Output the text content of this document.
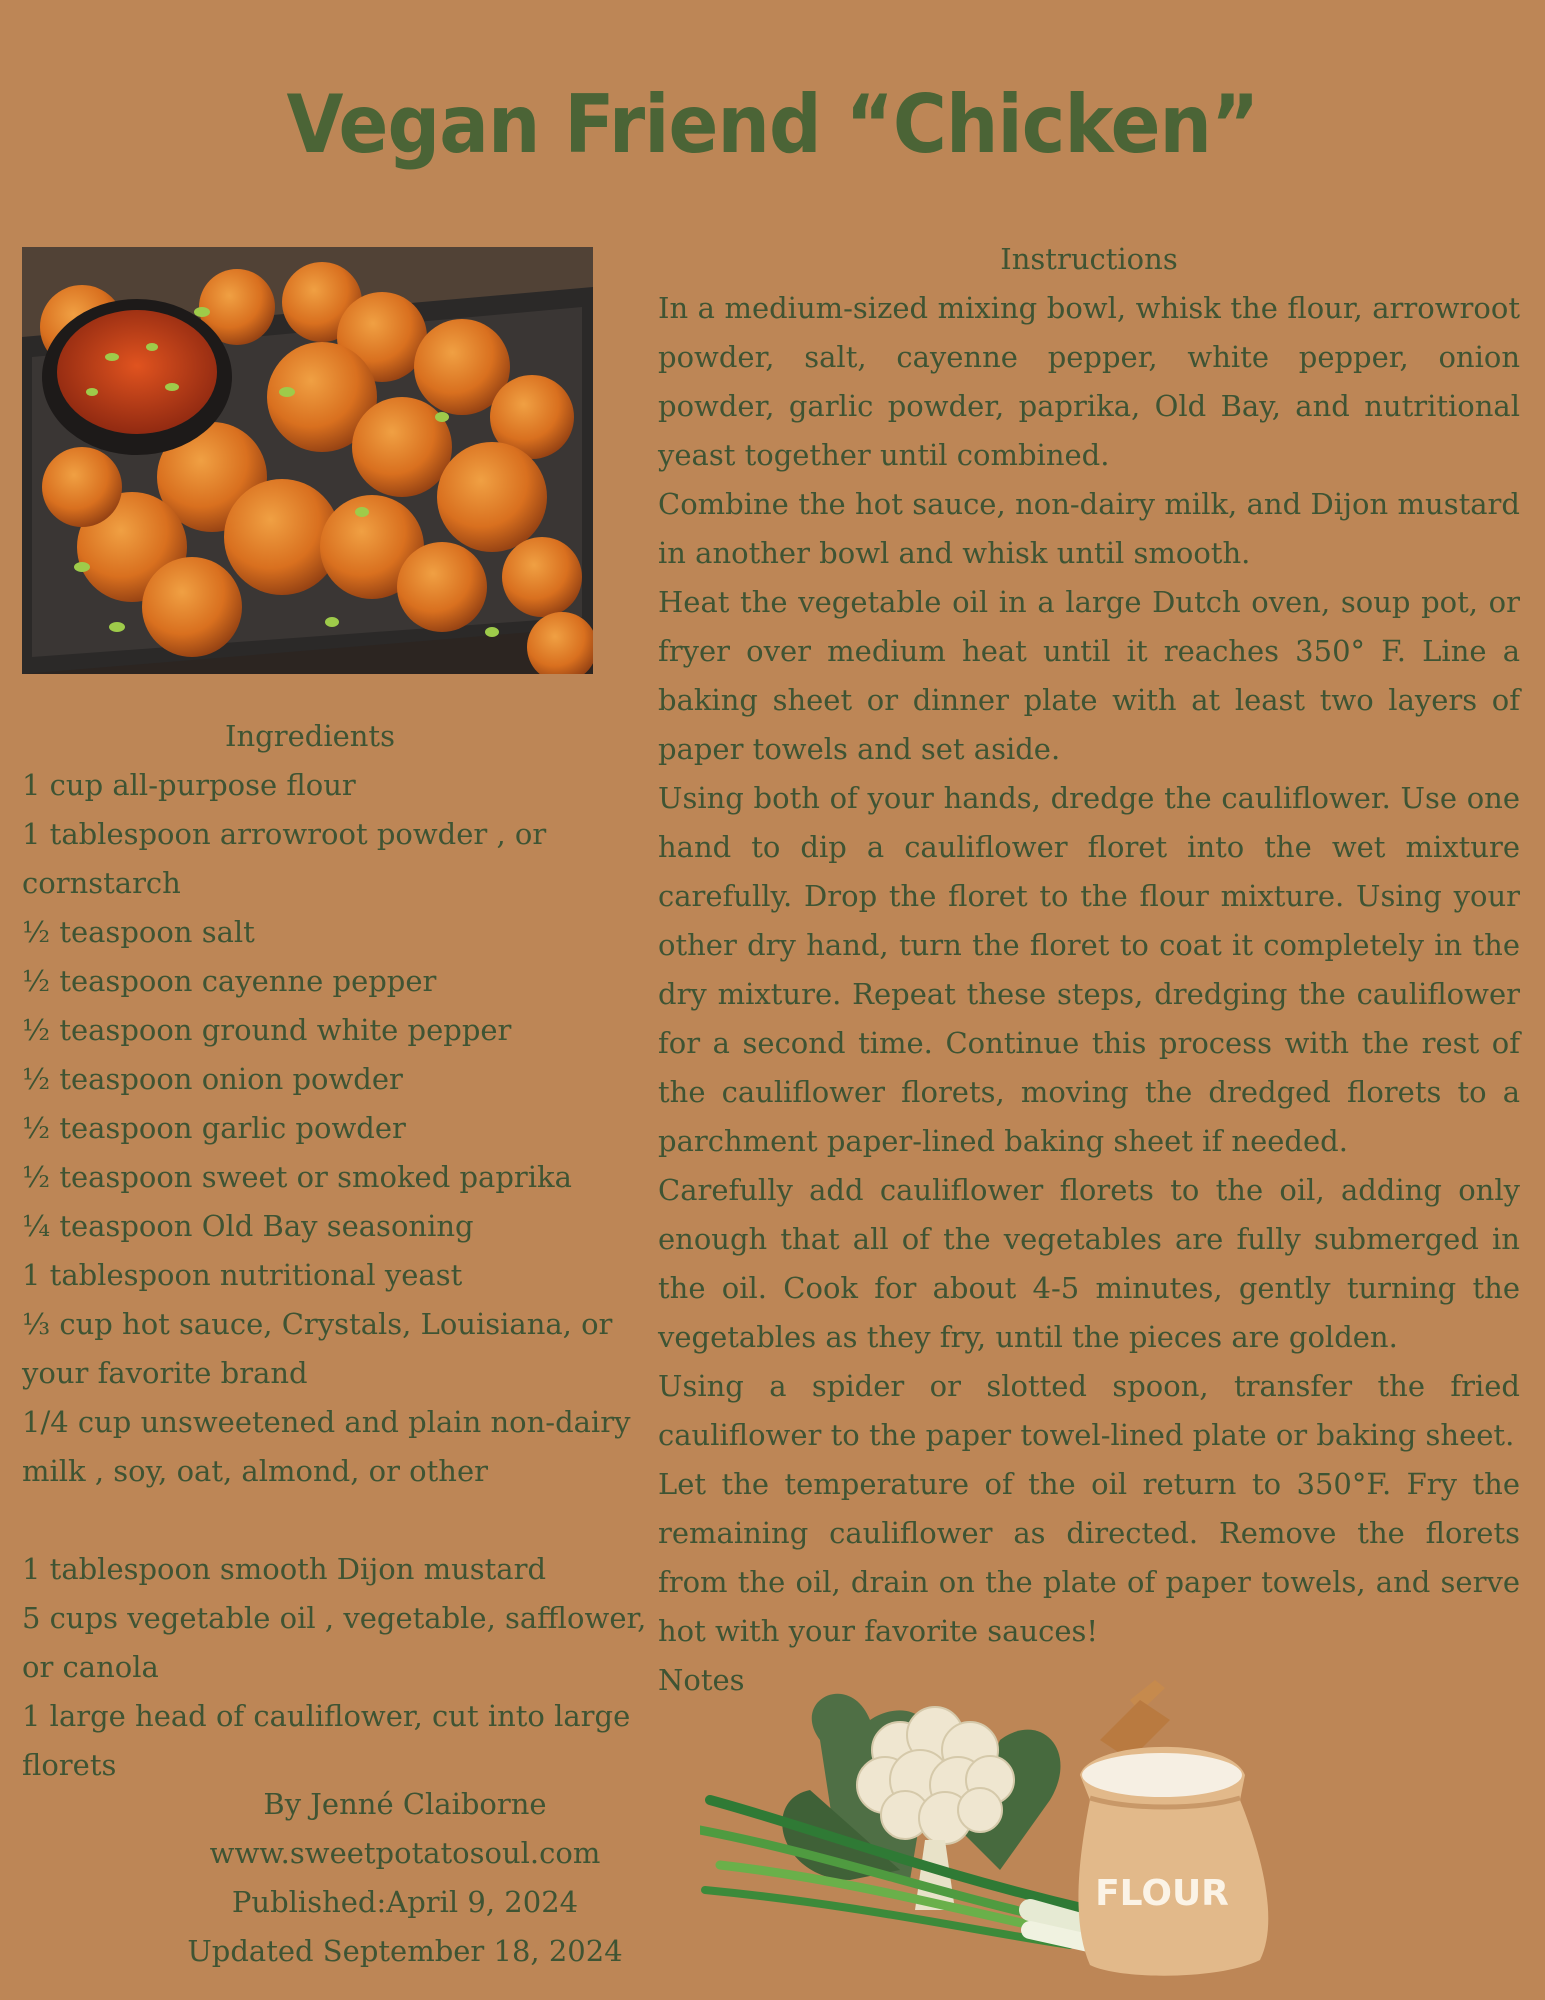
Vegan Friend “Chicken”
Ingredients
1 cup all-purpose flour
1 tablespoon arrowroot powder , or cornstarch
½ teaspoon salt
½ teaspoon cayenne pepper
½ teaspoon ground white pepper
½ teaspoon onion powder
½ teaspoon garlic powder
½ teaspoon sweet or smoked paprika
¼ teaspoon Old Bay seasoning
1 tablespoon nutritional yeast
⅓ cup hot sauce, Crystals, Louisiana, or your favorite brand
1/4 cup unsweetened and plain non-dairy milk , soy, oat, almond, or other
1 tablespoon smooth Dijon mustard
5 cups vegetable oil , vegetable, safflower, or canola
1 large head of cauliflower, cut into large florets
By Jenné Claiborne
www.sweetpotatosoul.com
Published:April 9, 2024
Updated September 18, 2024
Instructions

In a medium-sized mixing bowl, whisk the flour, arrowroot powder, salt, cayenne pepper, white pepper, onion powder, garlic powder, paprika, Old Bay, and nutritional yeast together until combined.

Combine the hot sauce, non-dairy milk, and Dijon mustard in another bowl and whisk until smooth.

Heat the vegetable oil in a large Dutch oven, soup pot, or fryer over medium heat until it reaches 350° F. Line a baking sheet or dinner plate with at least two layers of paper towels and set aside.

Using both of your hands, dredge the cauliflower. Use one hand to dip a cauliflower floret into the wet mixture carefully. Drop the floret to the flour mixture. Using your other dry hand, turn the floret to coat it completely in the dry mixture. Repeat these steps, dredging the cauliflower for a second time. Continue this process with the rest of the cauliflower florets, moving the dredged florets to a parchment paper-lined baking sheet if needed.

Carefully add cauliflower florets to the oil, adding only enough that all of the vegetables are fully submerged in the oil. Cook for about 4-5 minutes, gently turning the vegetables as they fry, until the pieces are golden.

Using a spider or slotted spoon, transfer the fried cauliflower to the paper towel-lined plate or baking sheet.

Let the temperature of the oil return to 350°F. Fry the remaining cauliflower as directed. Remove the florets from the oil, drain on the plate of paper towels, and serve hot with your favorite sauces!

Notes
FLOUR
